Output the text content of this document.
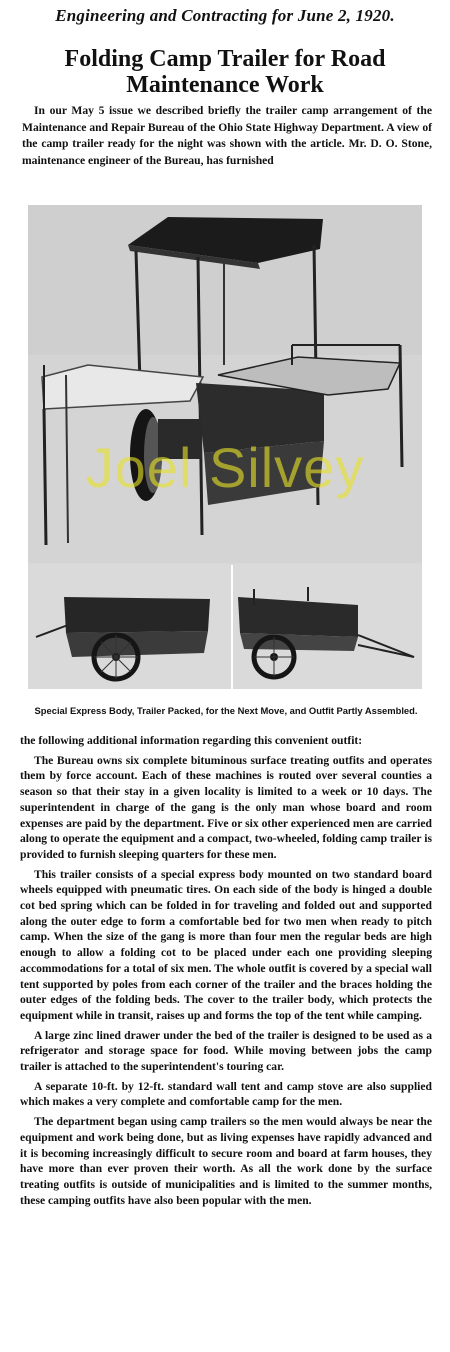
Engineering and Contracting for June 2, 1920.
Folding Camp Trailer for Road Maintenance Work
In our May 5 issue we described briefly the trailer camp arrangement of the Maintenance and Repair Bureau of the Ohio State Highway Department. A view of the camp trailer ready for the night was shown with the article. Mr. D. O. Stone, maintenance engineer of the Bureau, has furnished
Joel Silvey
Special Express Body, Trailer Packed, for the Next Move, and Outfit Partly Assembled.

the following additional information regarding this convenient outfit:

The Bureau owns six complete bituminous surface treating outfits and operates them by force account. Each of these machines is routed over several counties a season so that their stay in a given locality is limited to a week or 10 days. The superintendent in charge of the gang is the only man whose board and room expenses are paid by the department. Five or six other experienced men are carried along to operate the equipment and a compact, two-wheeled, folding camp trailer is provided to furnish sleeping quarters for these men.

This trailer consists of a special express body mounted on two standard board wheels equipped with pneumatic tires. On each side of the body is hinged a double cot bed spring which can be folded in for traveling and folded out and supported along the outer edge to form a comfortable bed for two men when ready to pitch camp. When the size of the gang is more than four men the regular beds are high enough to allow a folding cot to be placed under each one providing sleeping accommodations for a total of six men. The whole outfit is covered by a special wall tent supported by poles from each corner of the trailer and the braces holding the outer edges of the folding beds. The cover to the trailer body, which protects the equipment while in transit, raises up and forms the top of the tent while camping.

A large zinc lined drawer under the bed of the trailer is designed to be used as a refrigerator and storage space for food. While moving between jobs the camp trailer is attached to the superintendent's touring car.

A separate 10-ft. by 12-ft. standard wall tent and camp stove are also supplied which makes a very complete and comfortable camp for the men.

The department began using camp trailers so the men would always be near the equipment and work being done, but as living expenses have rapidly advanced and it is becoming increasingly difficult to secure room and board at farm houses, they have more than ever proven their worth. As all the work done by the surface treating outfits is outside of municipalities and is limited to the summer months, these camping outfits have also been popular with the men.
